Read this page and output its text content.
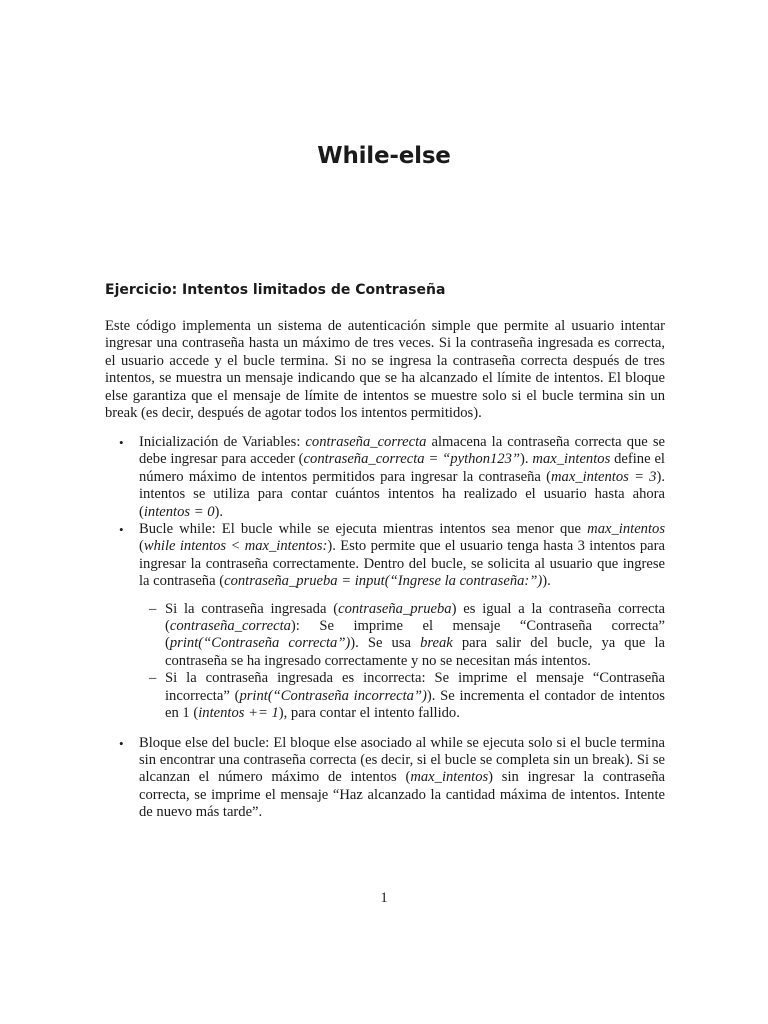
While-else
Ejercicio: Intentos limitados de Contraseña

Este código implementa un sistema de autenticación simple que permite al usuario intentar ingresar una contraseña hasta un máximo de tres veces. Si la contraseña ingresada es correcta, el usuario accede y el bucle termina. Si no se ingresa la contraseña correcta después de tres intentos, se muestra un mensaje indicando que se ha alcanzado el límite de intentos. El bloque else garantiza que el mensaje de límite de intentos se muestre solo si el bucle termina sin un break (es decir, después de agotar todos los intentos permitidos).

• Inicialización de Variables: contraseña_correcta almacena la contraseña correcta que se debe ingresar para acceder (contraseña_correcta = “python123”). max_intentos define el número máximo de intentos permitidos para ingresar la contraseña (max_intentos = 3). intentos se utiliza para contar cuántos intentos ha realizado el usuario hasta ahora (intentos = 0).
• Bucle while: El bucle while se ejecuta mientras intentos sea menor que max_intentos (while intentos < max_intentos:). Esto permite que el usuario tenga hasta 3 intentos para ingresar la contraseña correctamente. Dentro del bucle, se solicita al usuario que ingrese la contraseña (contraseña_prueba = input(“Ingrese la contraseña:”)).
– Si la contraseña ingresada (contraseña_prueba) es igual a la contraseña correcta (contraseña_correcta): Se imprime el mensaje “Contraseña correcta” (print(“Contraseña correcta”)). Se usa break para salir del bucle, ya que la contraseña se ha ingresado correctamente y no se necesitan más intentos.
– Si la contraseña ingresada es incorrecta: Se imprime el mensaje “Contraseña incorrecta” (print(“Contraseña incorrecta”)). Se incrementa el contador de intentos en 1 (intentos += 1), para contar el intento fallido.
• Bloque else del bucle: El bloque else asociado al while se ejecuta solo si el bucle termina sin encontrar una contraseña correcta (es decir, si el bucle se completa sin un break). Si se alcanzan el número máximo de intentos (max_intentos) sin ingresar la contraseña correcta, se imprime el mensaje “Haz alcanzado la cantidad máxima de intentos. Intente de nuevo más tarde”.
1
